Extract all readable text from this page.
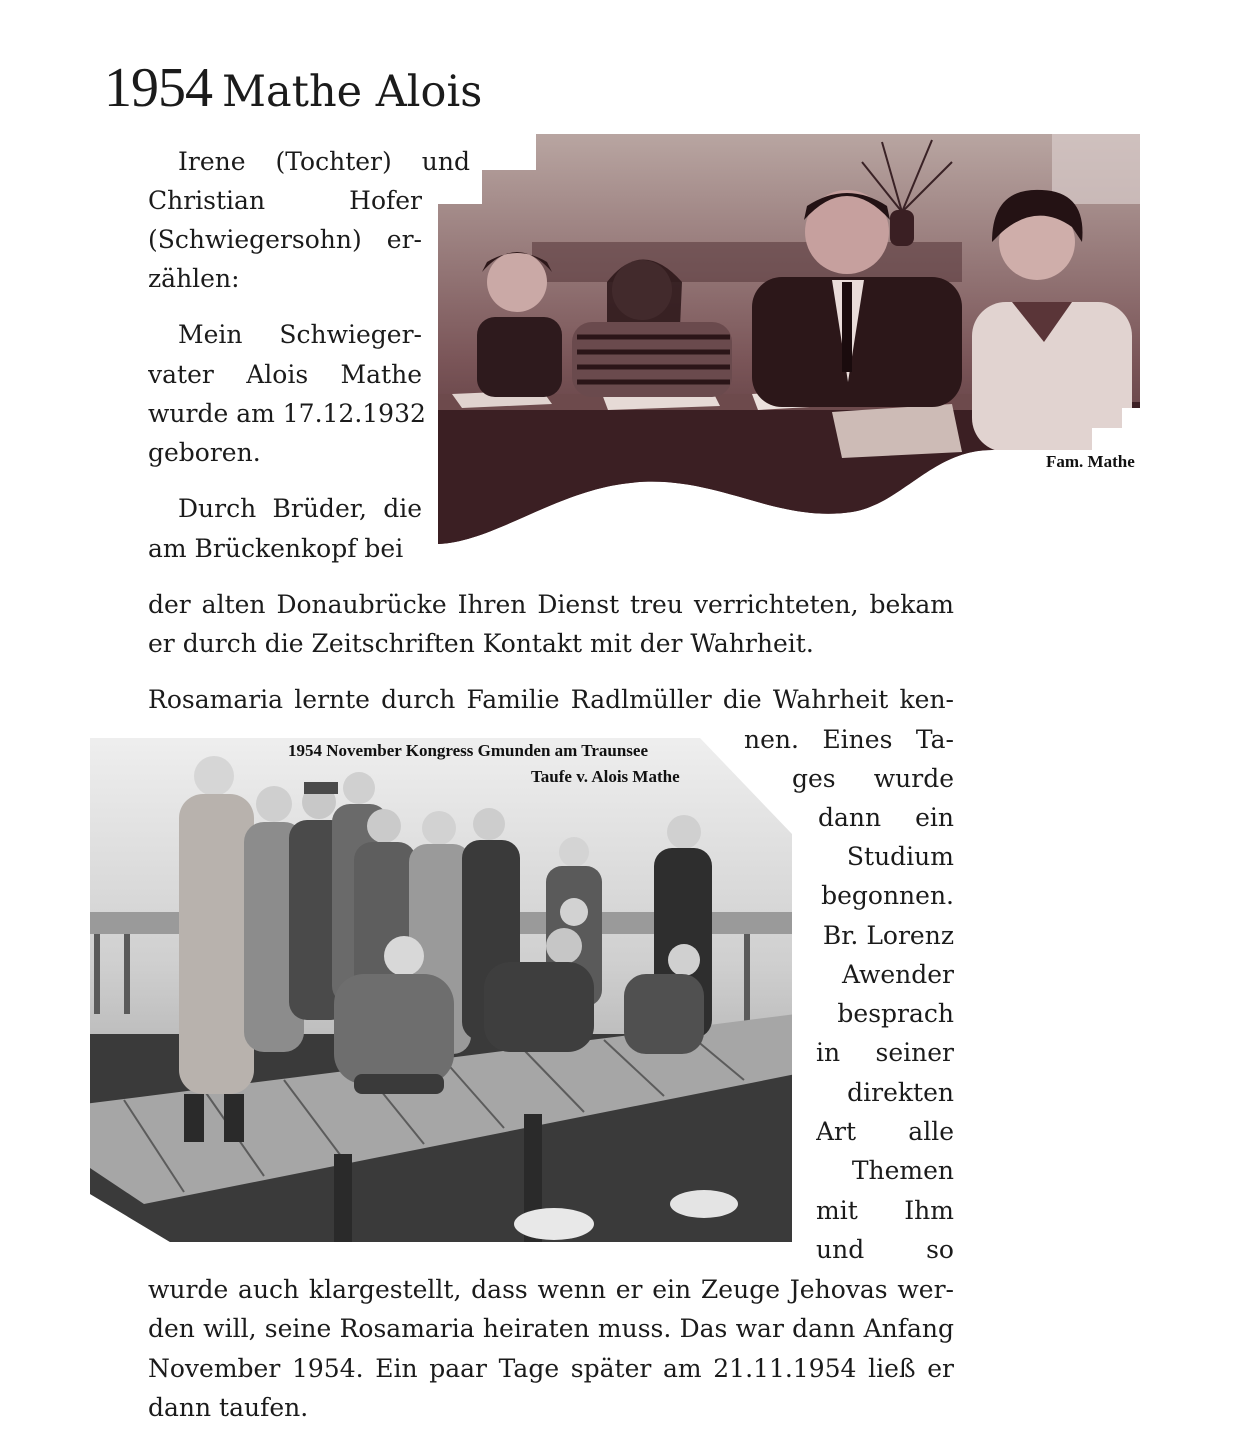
1954 Mathe Alois
Fam. Mathe
1954 November Kongress Gmunden am Traunsee
Taufe v. Alois Mathe
Irene (Tochter) und
Christian Hofer
(Schwiegersohn) er-
zählen:
Mein Schwieger-
vater Alois Mathe
wurde am 17.12.1932
geboren.
Durch Brüder, die
am Brückenkopf bei
der alten Donaubrücke Ihren Dienst treu verrichteten, bekam
er durch die Zeitschriften Kontakt mit der Wahrheit.
Rosamaria lernte durch Familie Radlmüller die Wahrheit ken-
nen. Eines Ta-
ges wurde
dann ein
Studium
begonnen.
Br. Lorenz
Awender
besprach
in seiner
direkten
Art alle
Themen
mit Ihm
und so
wurde auch klargestellt, dass wenn er ein Zeuge Jehovas wer-
den will, seine Rosamaria heiraten muss. Das war dann Anfang
November 1954. Ein paar Tage später am 21.11.1954 ließ er
dann taufen.
